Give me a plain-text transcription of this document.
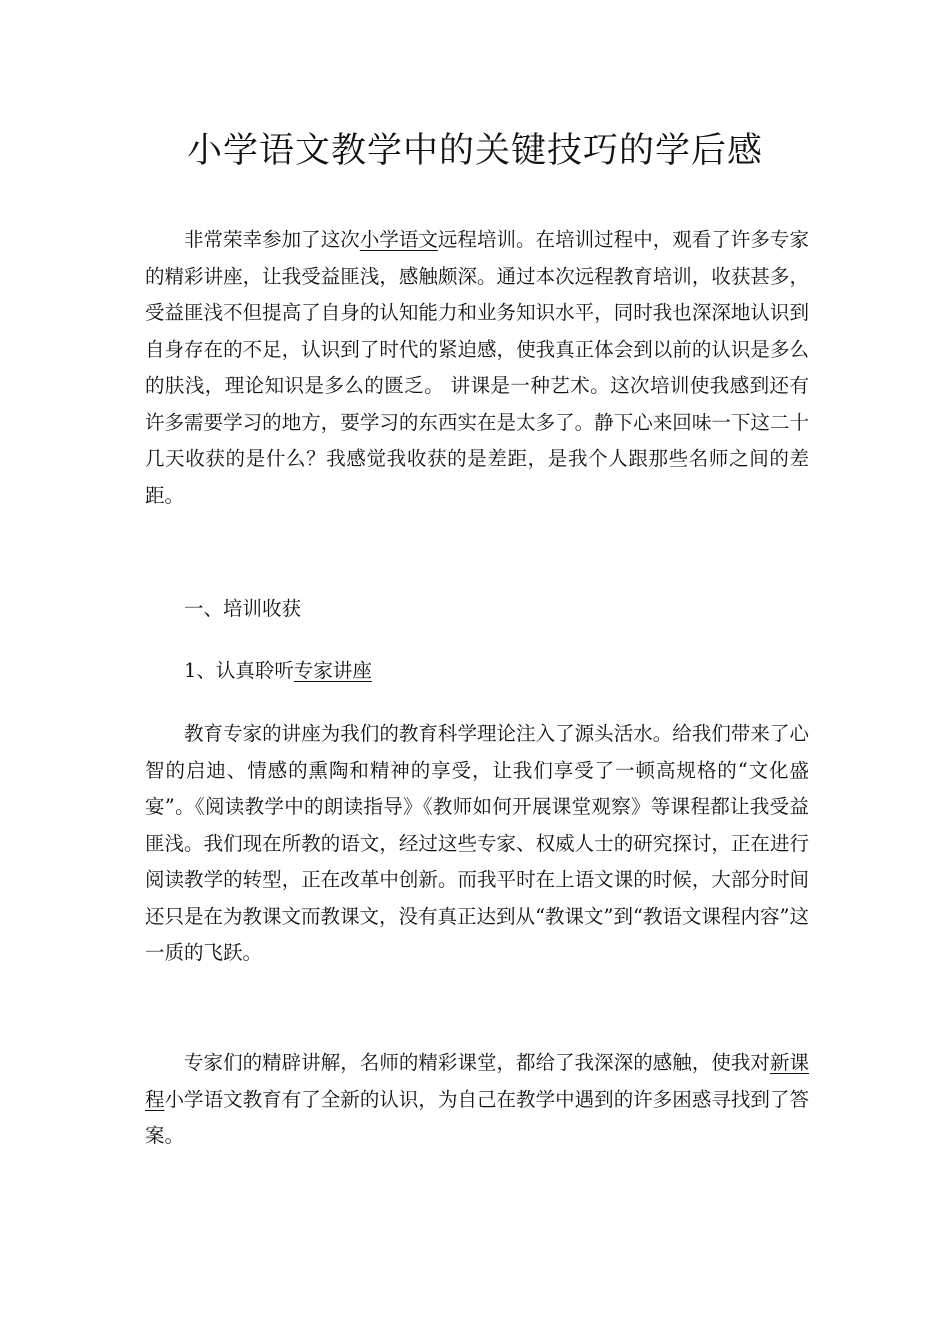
小学语文教学中的关键技巧的学后感

非常荣幸参加了这次小学语文远程培训。在培训过程中，观看了许多专家的精彩讲座，让我受益匪浅，感触颇深。通过本次远程教育培训，收获甚多，受益匪浅不但提高了自身的认知能力和业务知识水平，同时我也深深地认识到自身存在的不足，认识到了时代的紧迫感，使我真正体会到以前的认识是多么的肤浅，理论知识是多么的匮乏。 讲课是一种艺术。这次培训使我感到还有许多需要学习的地方，要学习的东西实在是太多了。静下心来回味一下这二十几天收获的是什么？我感觉我收获的是差距，是我个人跟那些名师之间的差距。

一、培训收获

1、认真聆听专家讲座

教育专家的讲座为我们的教育科学理论注入了源头活水。给我们带来了心智的启迪、情感的熏陶和精神的享受，让我们享受了一顿高规格的“文化盛宴”。《阅读教学中的朗读指导》《教师如何开展课堂观察》等课程都让我受益匪浅。我们现在所教的语文，经过这些专家、权威人士的研究探讨，正在进行阅读教学的转型，正在改革中创新。而我平时在上语文课的时候，大部分时间还只是在为教课文而教课文，没有真正达到从“教课文”到“教语文课程内容”这一质的飞跃。

专家们的精辟讲解，名师的精彩课堂，都给了我深深的感触，使我对新课程小学语文教育有了全新的认识，为自己在教学中遇到的许多困惑寻找到了答案。
